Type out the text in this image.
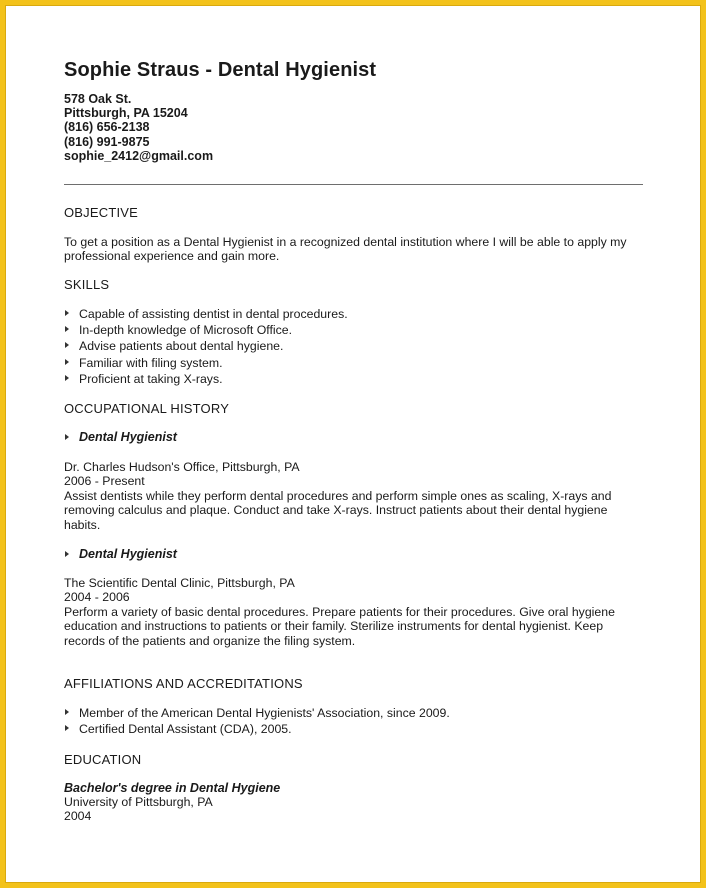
Sophie Straus - Dental Hygienist
578 Oak St.
Pittsburgh, PA 15204
(816) 656-2138
(816) 991-9875
sophie_2412@gmail.com
OBJECTIVE
To get a position as a Dental Hygienist in a recognized dental institution where I will be able to apply my professional experience and gain more.
SKILLS
Capable of assisting dentist in dental procedures.
In-depth knowledge of Microsoft Office.
Advise patients about dental hygiene.
Familiar with filing system.
Proficient at taking X-rays.
OCCUPATIONAL HISTORY
Dental Hygienist
Dr. Charles Hudson's Office, Pittsburgh, PA
2006 - Present
Assist dentists while they perform dental procedures and perform simple ones as scaling, X-rays and removing calculus and plaque. Conduct and take X-rays. Instruct patients about their dental hygiene habits.
Dental Hygienist
The Scientific Dental Clinic, Pittsburgh, PA
2004 - 2006
Perform a variety of basic dental procedures. Prepare patients for their procedures. Give oral hygiene education and instructions to patients or their family. Sterilize instruments for dental hygienist. Keep records of the patients and organize the filing system.
AFFILIATIONS AND ACCREDITATIONS
Member of the American Dental Hygienists' Association, since 2009.
Certified Dental Assistant (CDA), 2005.
EDUCATION
Bachelor's degree in Dental Hygiene
University of Pittsburgh, PA
2004
